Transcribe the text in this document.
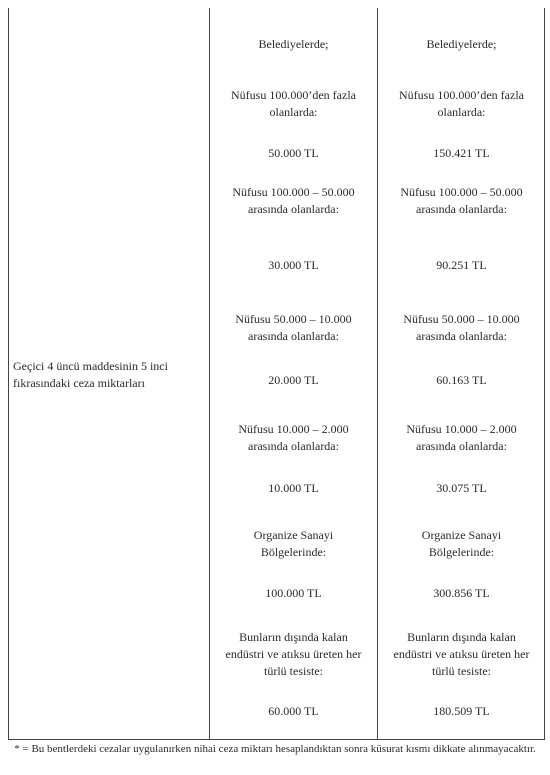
Geçici 4 üncü maddesinin 5 inci fıkrasındaki ceza miktarları
Belediyelerde;
Nüfusu 100.000’den fazla olanlarda:
50.000 TL
Nüfusu 100.000 – 50.000 arasında olanlarda:
30.000 TL
Nüfusu 50.000 – 10.000 arasında olanlarda:
20.000 TL
Nüfusu 10.000 – 2.000 arasında olanlarda:
10.000 TL
Organize Sanayi Bölgelerinde:
100.000 TL
Bunların dışında kalan endüstri ve atıksu üreten her türlü tesiste:
60.000 TL
Belediyelerde;
Nüfusu 100.000’den fazla olanlarda:
150.421 TL
Nüfusu 100.000 – 50.000 arasında olanlarda:
90.251 TL
Nüfusu 50.000 – 10.000 arasında olanlarda:
60.163 TL
Nüfusu 10.000 – 2.000 arasında olanlarda:
30.075 TL
Organize Sanayi Bölgelerinde:
300.856 TL
Bunların dışında kalan endüstri ve atıksu üreten her türlü tesiste:
180.509 TL
* = Bu bentlerdeki cezalar uygulanırken nihai ceza miktarı hesaplandıktan sonra küsurat kısmı dikkate alınmayacaktır.
